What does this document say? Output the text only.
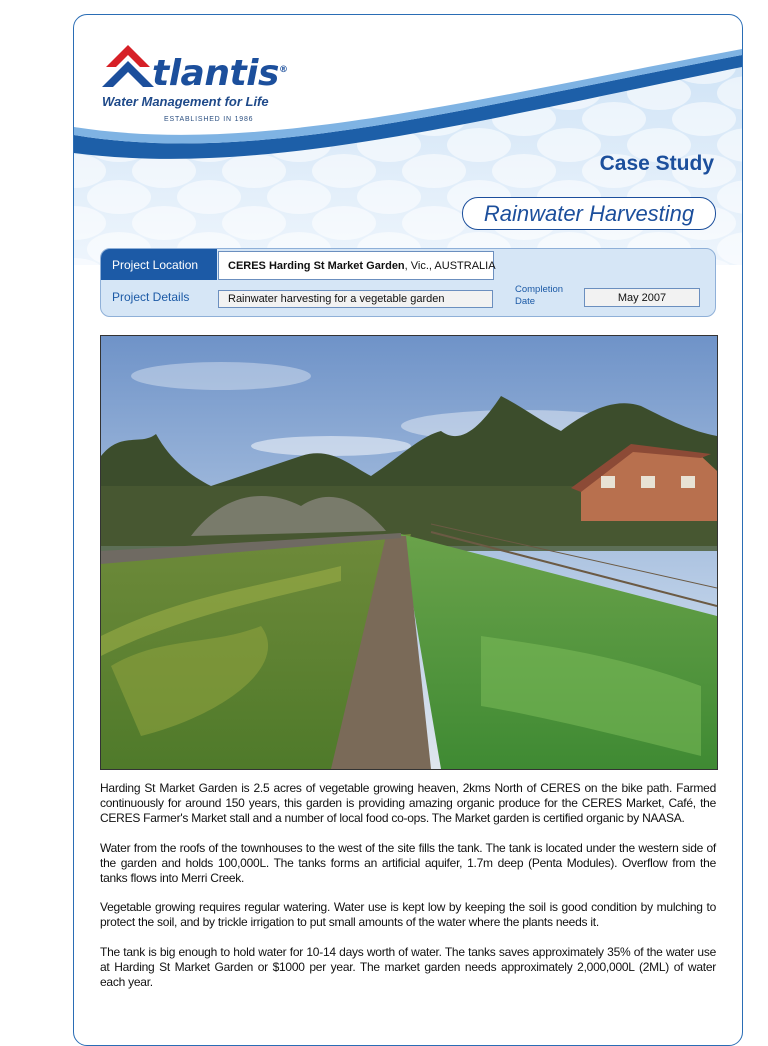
tlantis®
Water Management for Life
ESTABLISHED IN 1986
Case Study
Rainwater Harvesting
Project Location	CERES Harding St Market Garden , Vic., AUSTRALIA
Project Details	Rainwater harvesting for a vegetable garden
Completion Date	May 2007

Harding St Market Garden is 2.5 acres of vegetable growing heaven, 2kms North of CERES on the bike path. Farmed continuously for around 150 years, this garden is providing amazing organic produce for the CERES Market, Café, the CERES Farmer's Market stall and a number of local food co-ops. The Market garden is certified organic by NAASA.

Water from the roofs of the townhouses to the west of the site fills the tank. The tank is located under the western side of the garden and holds 100,000L. The tanks forms an artificial aquifer, 1.7m deep (Penta Modules). Overflow from the tanks flows into Merri Creek.

Vegetable growing requires regular watering. Water use is kept low by keeping the soil is good condition by mulching to protect the soil, and by trickle irrigation to put small amounts of the water where the plants needs it.

The tank is big enough to hold water for 10-14 days worth of water. The tanks saves approximately 35% of the water use at Harding St Market Garden or $1000 per year. The market garden needs approximately 2,000,000L (2ML) of water each year.
